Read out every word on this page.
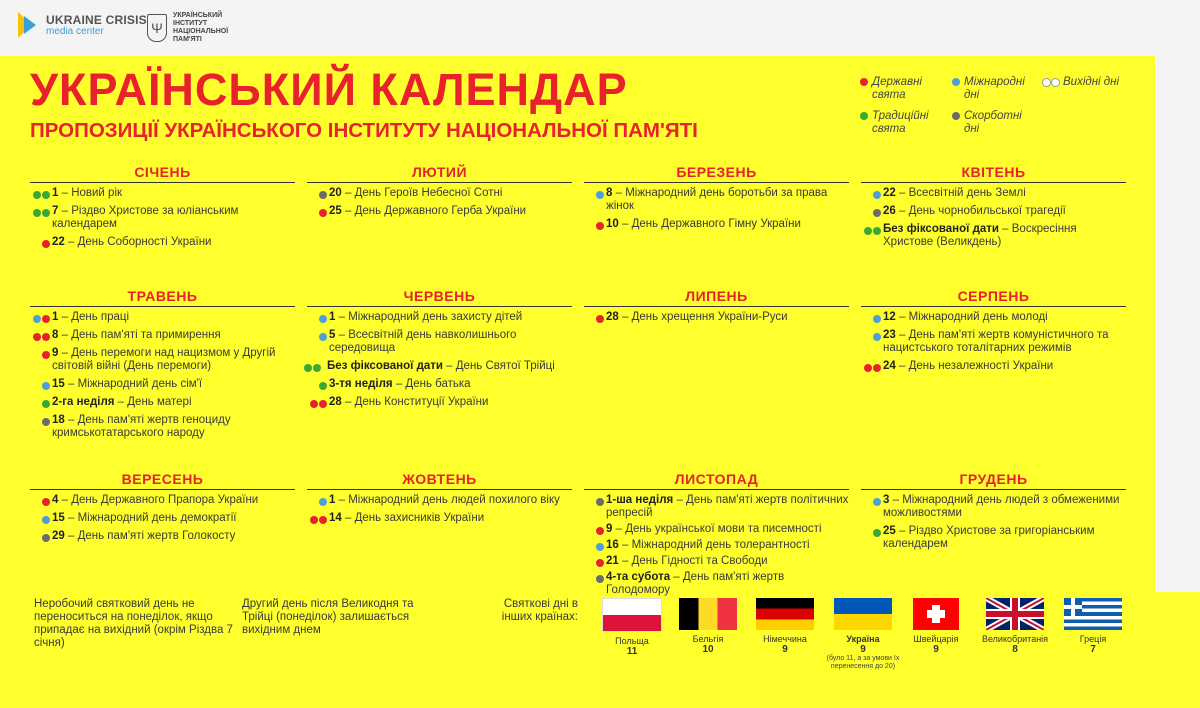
UKRAINE CRISIS
media center	Ψ
УКРАЇНСЬКИЙ ІНСТИТУТ НАЦІОНАЛЬНОЇ ПАМ'ЯТІ
УКРАЇНСЬКИЙ КАЛЕНДАР
ПРОПОЗИЦІЇ УКРАЇНСЬКОГО ІНСТИТУТУ НАЦІОНАЛЬНОЇ ПАМ'ЯТІ
Державні
свята
Міжнародні
дні
Вихідні дні
Традиційні
свята
Скорботні
дні
СІЧЕНЬ
1 – Новий рік
7 – Різдво Христове за юліанським календарем
22 – День Соборності України
ЛЮТИЙ
20 – День Героїв Небесної Сотні
25 – День Державного Герба України
БЕРЕЗЕНЬ
8 – Міжнародний день боротьби за права жінок
10 – День Державного Гімну України
КВІТЕНЬ
22 – Всесвітній день Землі
26 – День чорнобильської трагедії
Без фіксованої дати – Воскресіння Христове (Великдень)
ТРАВЕНЬ
1 – День праці
8 – День пам'яті та примирення
9 – День перемоги над нацизмом у Другій світовій війні (День перемоги)
15 – Міжнародний день сім'ї
2-га неділя – День матері
18 – День пам'яті жертв геноциду кримськотатарського народу
ЧЕРВЕНЬ
1 – Міжнародний день захисту дітей
5 – Всесвітній день навколишнього середовища
Без фіксованої дати – День Святої Трійці
3-тя неділя – День батька
28 – День Конституції України
ЛИПЕНЬ
28 – День хрещення України-Руси
СЕРПЕНЬ
12 – Міжнародний день молоді
23 – День пам'яті жертв комуністичного та нацистського тоталітарних режимів
24 – День незалежності України
ВЕРЕСЕНЬ
4 – День Державного Прапора України
15 – Міжнародний день демократії
29 – День пам'яті жертв Голокосту
ЖОВТЕНЬ
1 – Міжнародний день людей похилого віку
14 – День захисників України
ЛИСТОПАД
1-ша неділя – День пам'яті жертв політичних репресій
9 – День української мови та писемності
16 – Міжнародний день толерантності
21 – День Гідності та Свободи
4-та субота – День пам'яті жертв Голодомору
ГРУДЕНЬ
3 – Міжнародний день людей з обмеженими можливостями
25 – Різдво Христове за григоріанським календарем
Неробочий святковий день не переноситься на понеділок, якщо припадає на вихідний (окрім Різдва 7 січня)
Другий день після Великодня та Трійці (понеділок) залишається вихідним днем
Святкові дні в інших країнах:
Польща
11
Бельгія
10
Німеччина
9
Україна
9
(було 11, а за умови їх перенесення до 20)
Швейцарія
9
Великобританія
8
Греція
7
